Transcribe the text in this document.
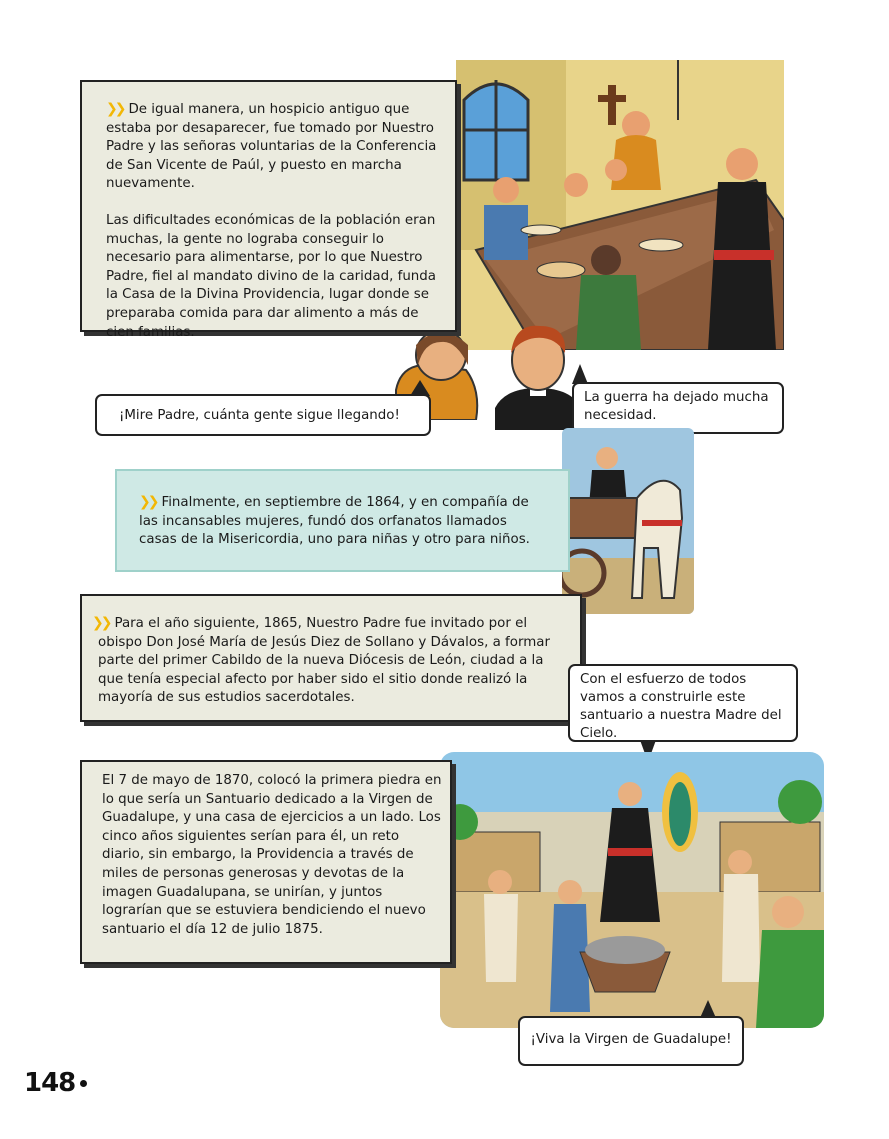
❯❯ De igual manera, un hospicio antiguo que estaba por desaparecer, fue tomado por Nuestro Padre y las señoras voluntarias de la Conferencia de San Vicente de Paúl, y puesto en marcha nuevamente.

Las dificultades económicas de la población eran muchas, la gente no lograba conseguir lo necesario para alimentarse, por lo que Nuestro Padre, fiel al mandato divino de la caridad, funda la Casa de la Divina Providencia, lugar donde se preparaba comida para dar alimento a más de cien familias.

¡Mire Padre, cuánta gente sigue llegando!
La guerra ha dejado mucha necesidad.

❯❯ Finalmente, en septiembre de 1864, y en compañía de las incansables mujeres, fundó dos orfanatos llamados casas de la Misericordia, uno para niñas y otro para niños.

❯❯ Para el año siguiente, 1865, Nuestro Padre fue invitado por el obispo Don José María de Jesús Diez de Sollano y Dávalos, a formar parte del primer Cabildo de la nueva Diócesis de León, ciudad a la que tenía especial afecto por haber sido el sitio donde realizó la mayoría de sus estudios sacerdotales.

Con el esfuerzo de todos vamos a construirle este santuario a nuestra Madre del Cielo.

El 7 de mayo de 1870, colocó la primera piedra en lo que sería un Santuario dedicado a la Virgen de Guadalupe, y una casa de ejercicios a un lado. Los cinco años siguientes serían para él, un reto diario, sin embargo, la Providencia a través de miles de personas generosas y devotas de la imagen Guadalupana, se unirían, y juntos lograrían que se estuviera bendiciendo el nuevo santuario el día 12 de julio 1875.

¡Viva la Virgen de Guadalupe!
148
